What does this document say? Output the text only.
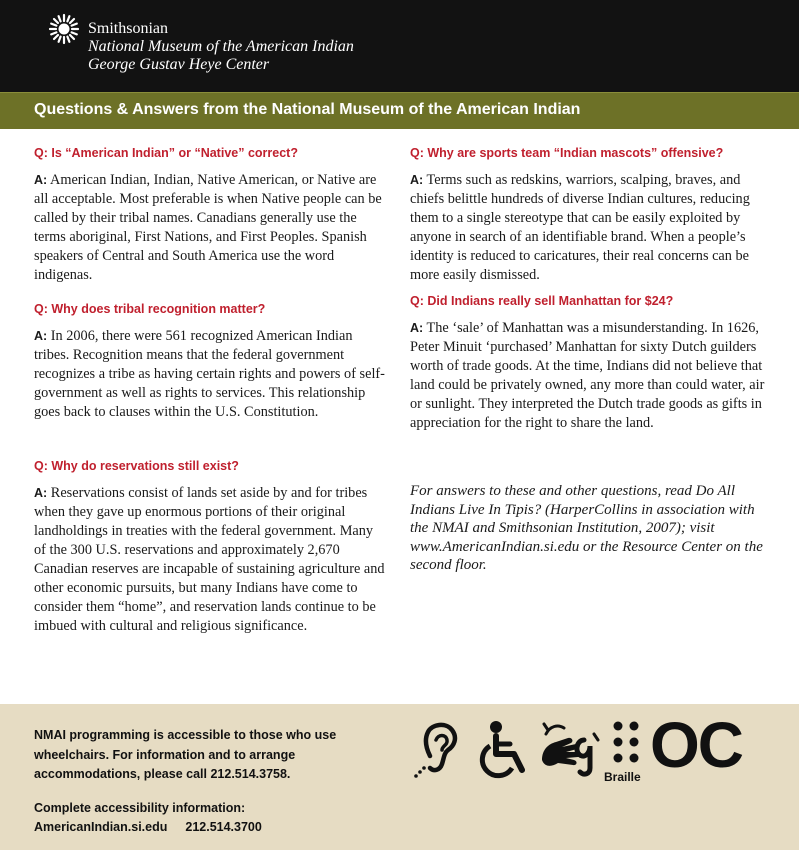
Smithsonian
National Museum of the American Indian
George Gustav Heye Center
Questions & Answers from the National Museum of the American Indian

Q: Is “American Indian” or “Native” correct?

A: American Indian, Indian, Native American, or Native are all acceptable. Most preferable is when Native people can be called by their tribal names. Canadians generally use the terms aboriginal, First Nations, and First Peoples. Spanish speakers of Central and South America use the word indigenas.

Q: Why does tribal recognition matter?

A: In 2006, there were 561 recognized American Indian tribes. Recognition means that the federal government recognizes a tribe as having certain rights and powers of self-government as well as rights to services. This relationship goes back to clauses within the U.S. Constitution.

Q: Why do reservations still exist?

A: Reservations consist of lands set aside by and for tribes when they gave up enormous portions of their original landholdings in treaties with the federal government. Many of the 300 U.S. reservations and approximately 2,670 Canadian reserves are incapable of sustaining agriculture and other economic pursuits, but many Indians have come to consider them “home”, and reservation lands continue to be imbued with cultural and religious significance.

Q: Why are sports team “Indian mascots” offensive?

A: Terms such as redskins, warriors, scalping, braves, and chiefs belittle hundreds of diverse Indian cultures, reducing them to a single stereotype that can be easily exploited by anyone in search of an identifiable brand. When a people’s identity is reduced to caricatures, their real concerns can be more easily dismissed.

Q: Did Indians really sell Manhattan for $24?

A: The ‘sale’ of Manhattan was a misunderstanding. In 1626, Peter Minuit ‘purchased’ Manhattan for sixty Dutch guilders worth of trade goods. At the time, Indians did not believe that land could be privately owned, any more than could water, air or sunlight. They interpreted the Dutch trade goods as gifts in appreciation for the right to share the land.

For answers to these and other questions, read Do All Indians Live In Tipis? (HarperCollins in association with the NMAI and Smithsonian Institution, 2007); visit www.AmericanIndian.si.edu or the Resource Center on the second floor.
NMAI programming is accessible to those who use wheelchairs. For information and to arrange accommodations, please call 212.514.3758.
Complete accessibility information:
AmericanIndian.si.edu 212.514.3700
Braille OC
